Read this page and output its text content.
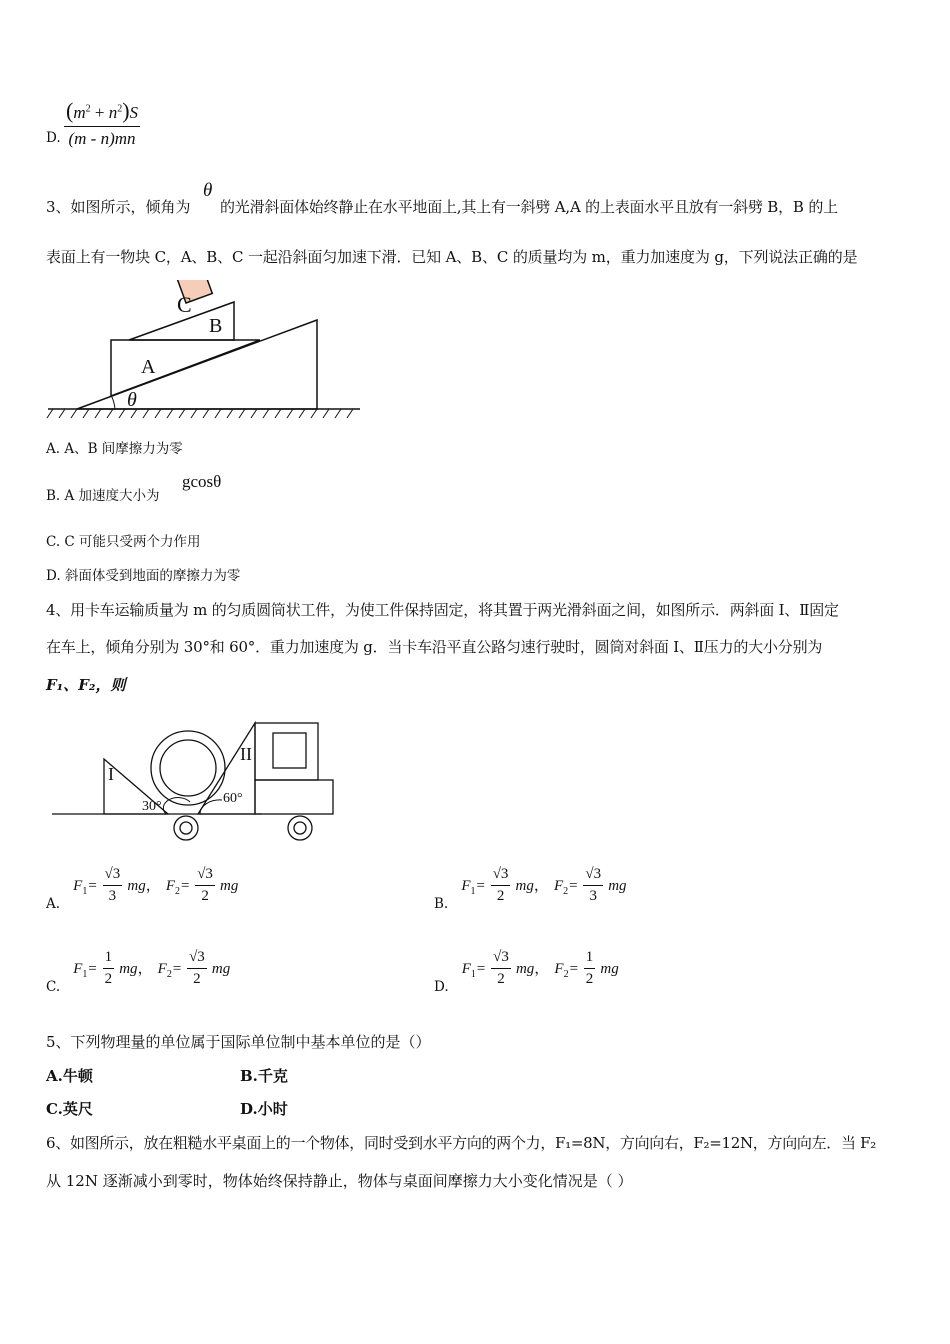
D. $\frac{(m^2 + n^2)S}{(m - n)mn}$
3、如图所示，倾角为
θ
的光滑斜面体始终静止在水平地面上,其上有一斜劈 A,A 的上表面水平且放有一斜劈 B，B 的上
表面上有一物块 C，A、B、C 一起沿斜面匀加速下滑．已知 A、B、C 的质量均为 m，重力加速度为 g，下列说法正确的是
C
B
A
θ
A. A、B 间摩擦力为零
B. A 加速度大小为
gcosθ
C. C 可能只受两个力作用
D. 斜面体受到地面的摩擦力为零
4、用卡车运输质量为 m 的匀质圆筒状工件，为使工件保持固定，将其置于两光滑斜面之间，如图所示．两斜面 I、Ⅱ固定
在车上，倾角分别为 30°和 60°．重力加速度为 g．当卡车沿平直公路匀速行驶时，圆筒对斜面 I、Ⅱ压力的大小分别为
F₁、F₂，则
I
II
30°
60°
$_{A.}$ $F_1= \frac{√3}{3}$ mg， $F_2= \frac{√3}{2}$ mg
$_{B.}$ $F_1= \frac{√3}{2}$ mg， $F_2= \frac{√3}{3}$ mg
$_{C.}$ $F_1= \frac{1}{2}$ mg， $F_2= \frac{√3}{2}$ mg
$_{D.}$ $F_1= \frac{√3}{2}$ mg， $F_2= \frac{1}{2}$ mg
5、下列物理量的单位属于国际单位制中基本单位的是（）
A.牛顿	B.千克
C.英尺	D.小时
6、如图所示，放在粗糙水平桌面上的一个物体，同时受到水平方向的两个力，F₁=8N，方向向右，F₂=12N，方向向左．当 F₂
从 12N 逐渐减小到零时，物体始终保持静止，物体与桌面间摩擦力大小变化情况是（ ）
